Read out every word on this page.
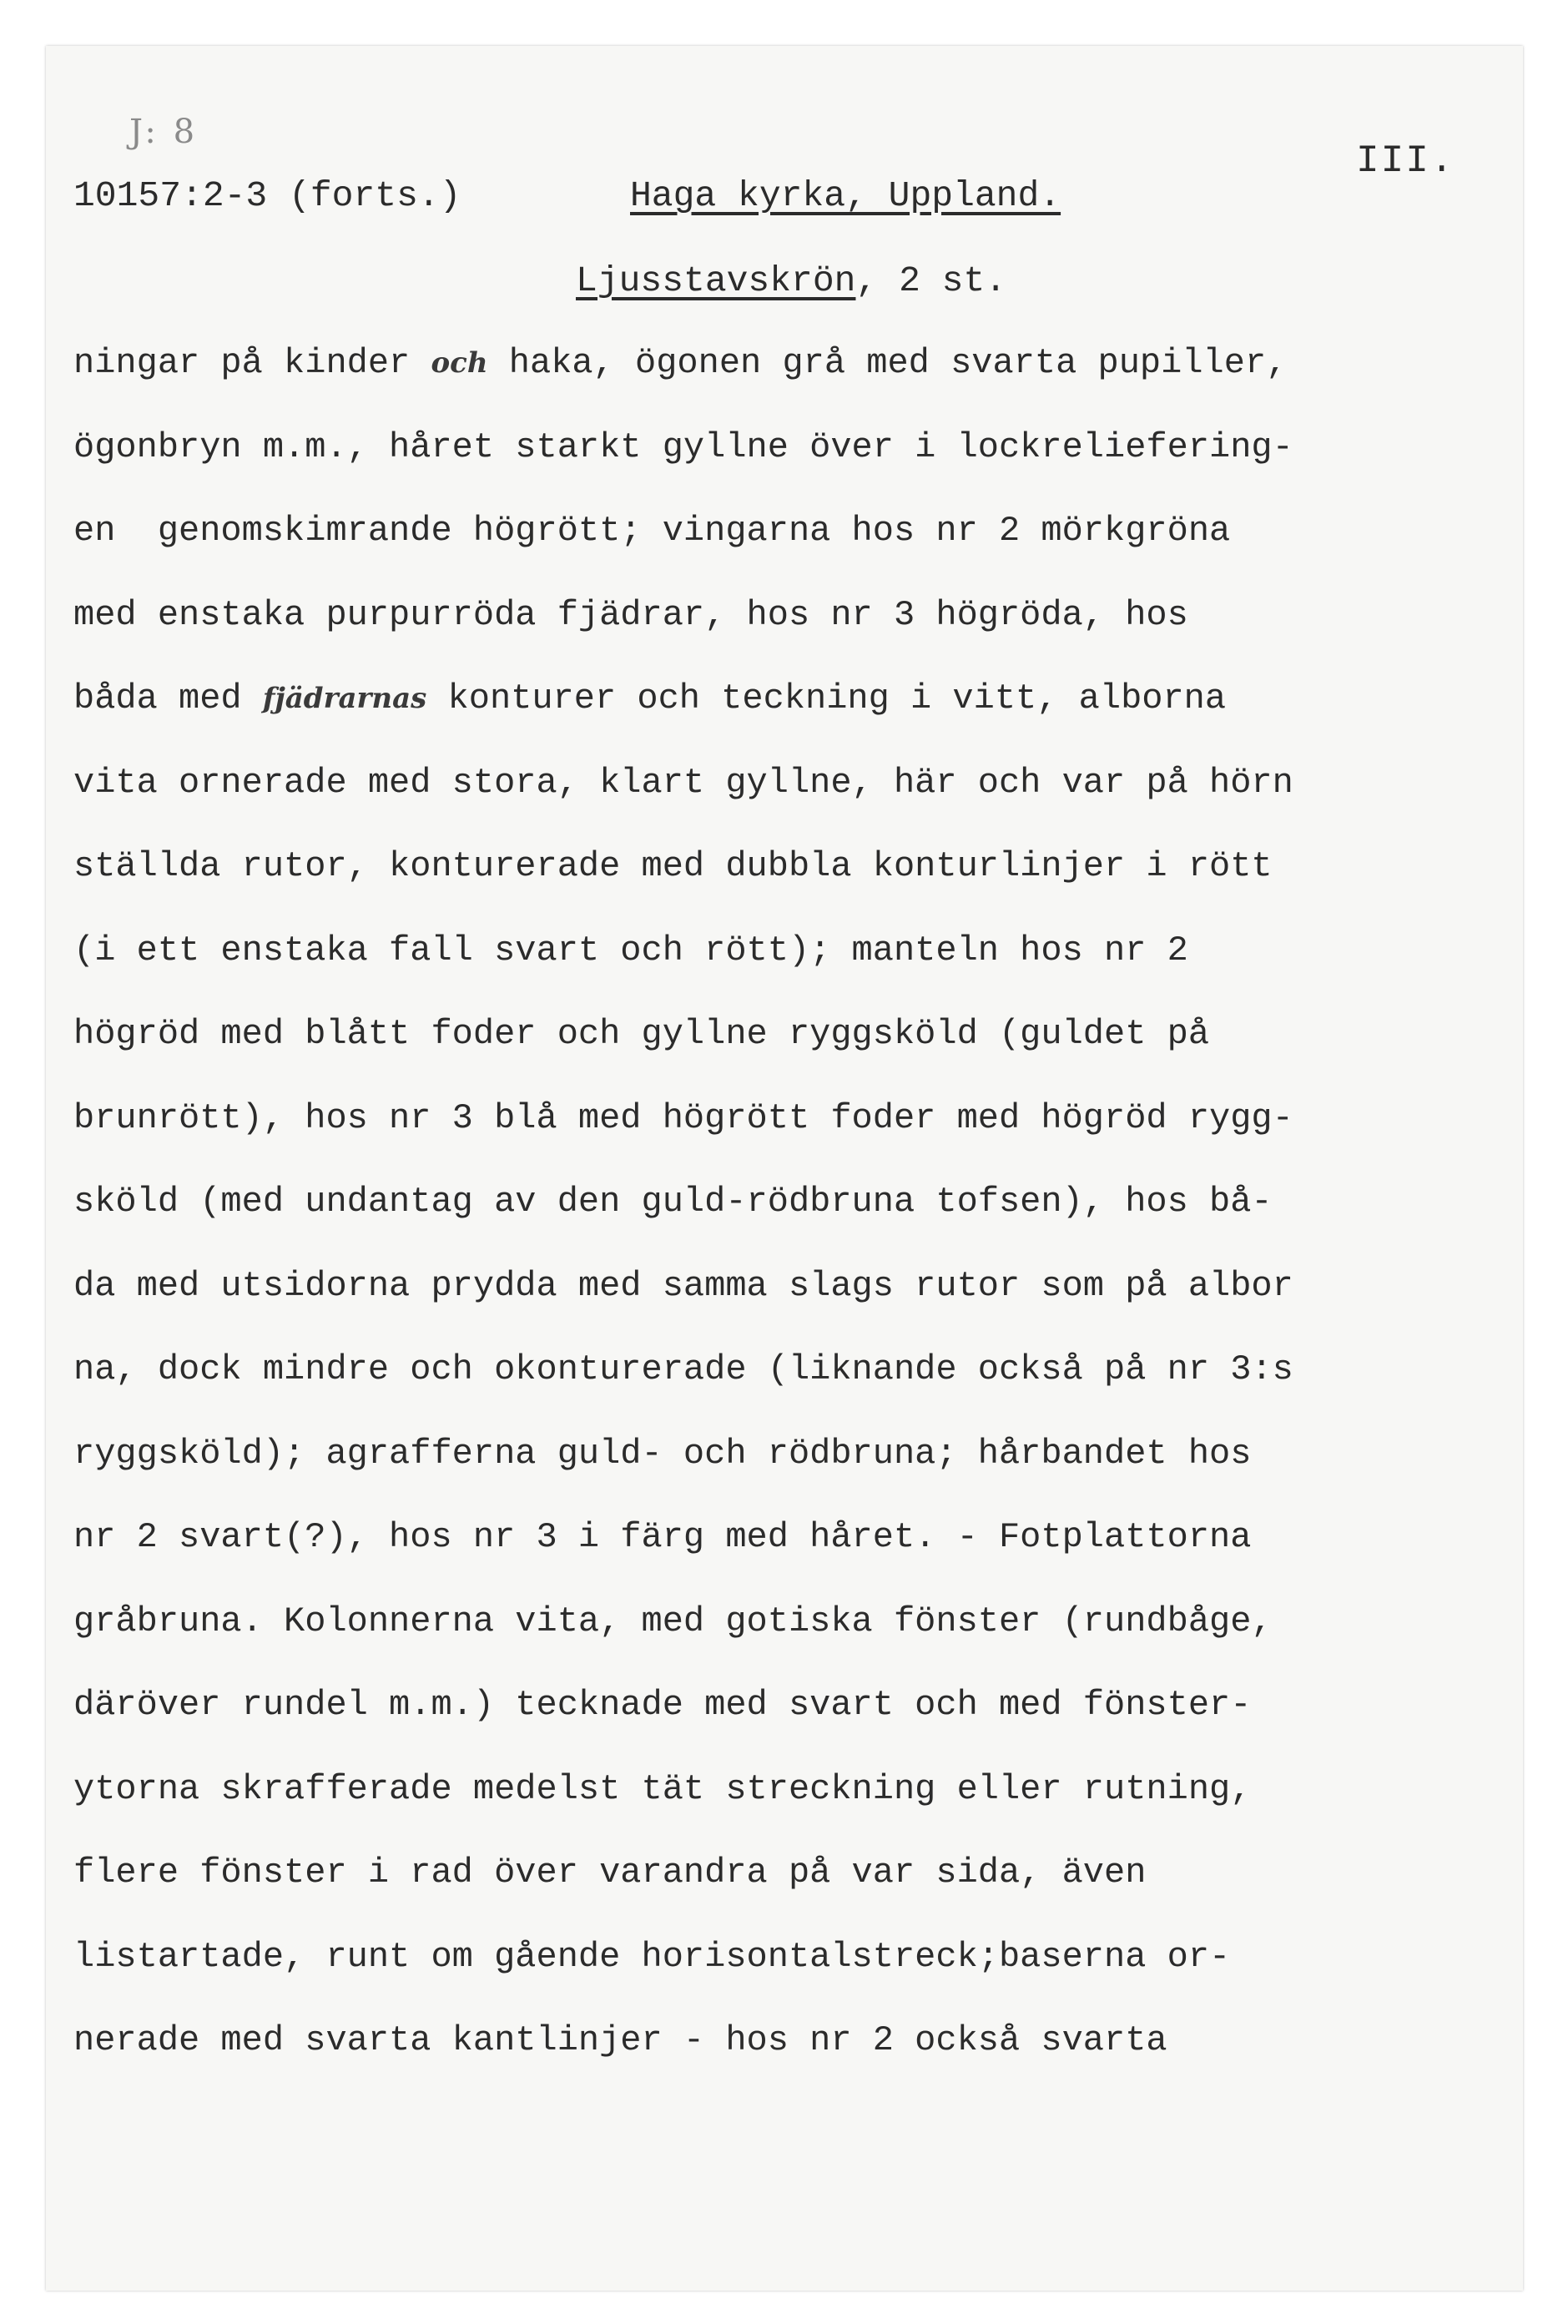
J: 8
III.
10157:2-3 (forts.)	Haga kyrka, Uppland.
Ljusstavskrön, 2 st.
ningar på kinder och haka, ögonen grå med svarta pupiller,
ögonbryn m.m., håret starkt gyllne över i lockreliefering-
en  genomskimrande högrött; vingarna hos nr 2 mörkgröna
med enstaka purpurröda fjädrar, hos nr 3 högröda, hos
båda med fjädrarnas konturer och teckning i vitt, alborna
vita ornerade med stora, klart gyllne, här och var på hörn
ställda rutor, konturerade med dubbla konturlinjer i rött
(i ett enstaka fall svart och rött); manteln hos nr 2
högröd med blått foder och gyllne ryggsköld (guldet på
brunrött), hos nr 3 blå med högrött foder med högröd rygg-
sköld (med undantag av den guld-rödbruna tofsen), hos bå-
da med utsidorna prydda med samma slags rutor som på albor
na, dock mindre och okonturerade (liknande också på nr 3:s
ryggsköld); agrafferna guld- och rödbruna; hårbandet hos
nr 2 svart(?), hos nr 3 i färg med håret. - Fotplattorna
gråbruna. Kolonnerna vita, med gotiska fönster (rundbåge,
däröver rundel m.m.) tecknade med svart och med fönster-
ytorna skrafferade medelst tät streckning eller rutning,
flere fönster i rad över varandra på var sida, även
listartade, runt om gående horisontalstreck;baserna or-
nerade med svarta kantlinjer - hos nr 2 också svarta
